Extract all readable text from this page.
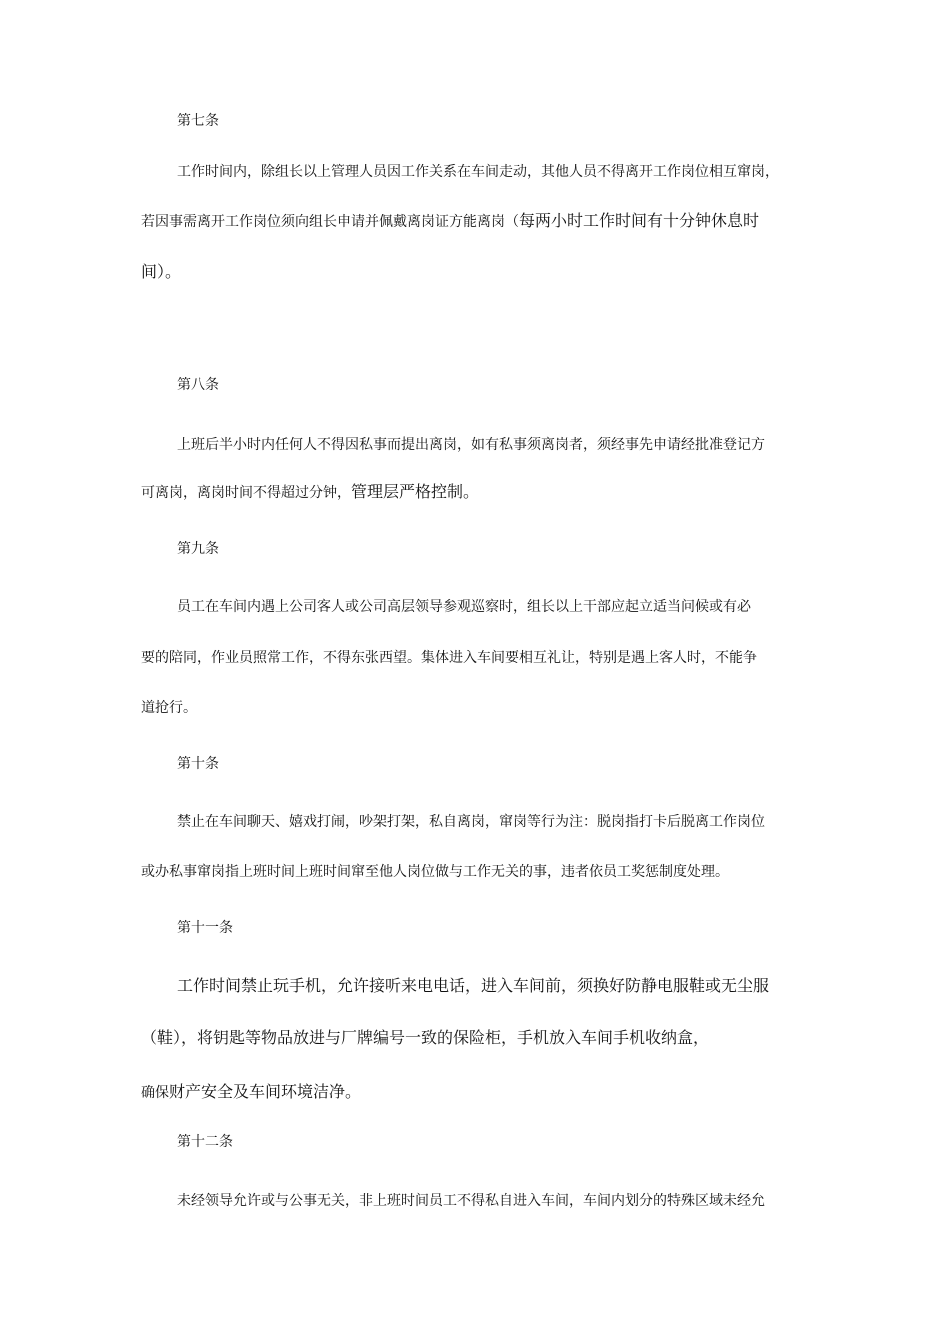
第七条
工作时间内，除组长以上管理人员因工作关系在车间走动，其他人员不得离开工作岗位相互窜岗，
若因事需离开工作岗位须向组长申请并佩戴离岗证方能离岗（每两小时工作时间有十分钟休息时
间）。
第八条
上班后半小时内任何人不得因私事而提出离岗，如有私事须离岗者，须经事先申请经批准登记方
可离岗，离岗时间不得超过分钟，管理层严格控制。
第九条
员工在车间内遇上公司客人或公司高层领导参观巡察时，组长以上干部应起立适当问候或有必
要的陪同，作业员照常工作，不得东张西望。集体进入车间要相互礼让，特别是遇上客人时，不能争
道抢行。
第十条
禁止在车间聊天、嬉戏打闹，吵架打架，私自离岗，窜岗等行为注：脱岗指打卡后脱离工作岗位
或办私事窜岗指上班时间上班时间窜至他人岗位做与工作无关的事，违者依员工奖惩制度处理。
第十一条
工作时间禁止玩手机，允许接听来电电话，进入车间前，须换好防静电服鞋或无尘服
（鞋），将钥匙等物品放进与厂牌编号一致的保险柜，手机放入车间手机收纳盒，
确保财产安全及车间环境洁净。
第十二条
未经领导允许或与公事无关，非上班时间员工不得私自进入车间，车间内划分的特殊区域未经允
